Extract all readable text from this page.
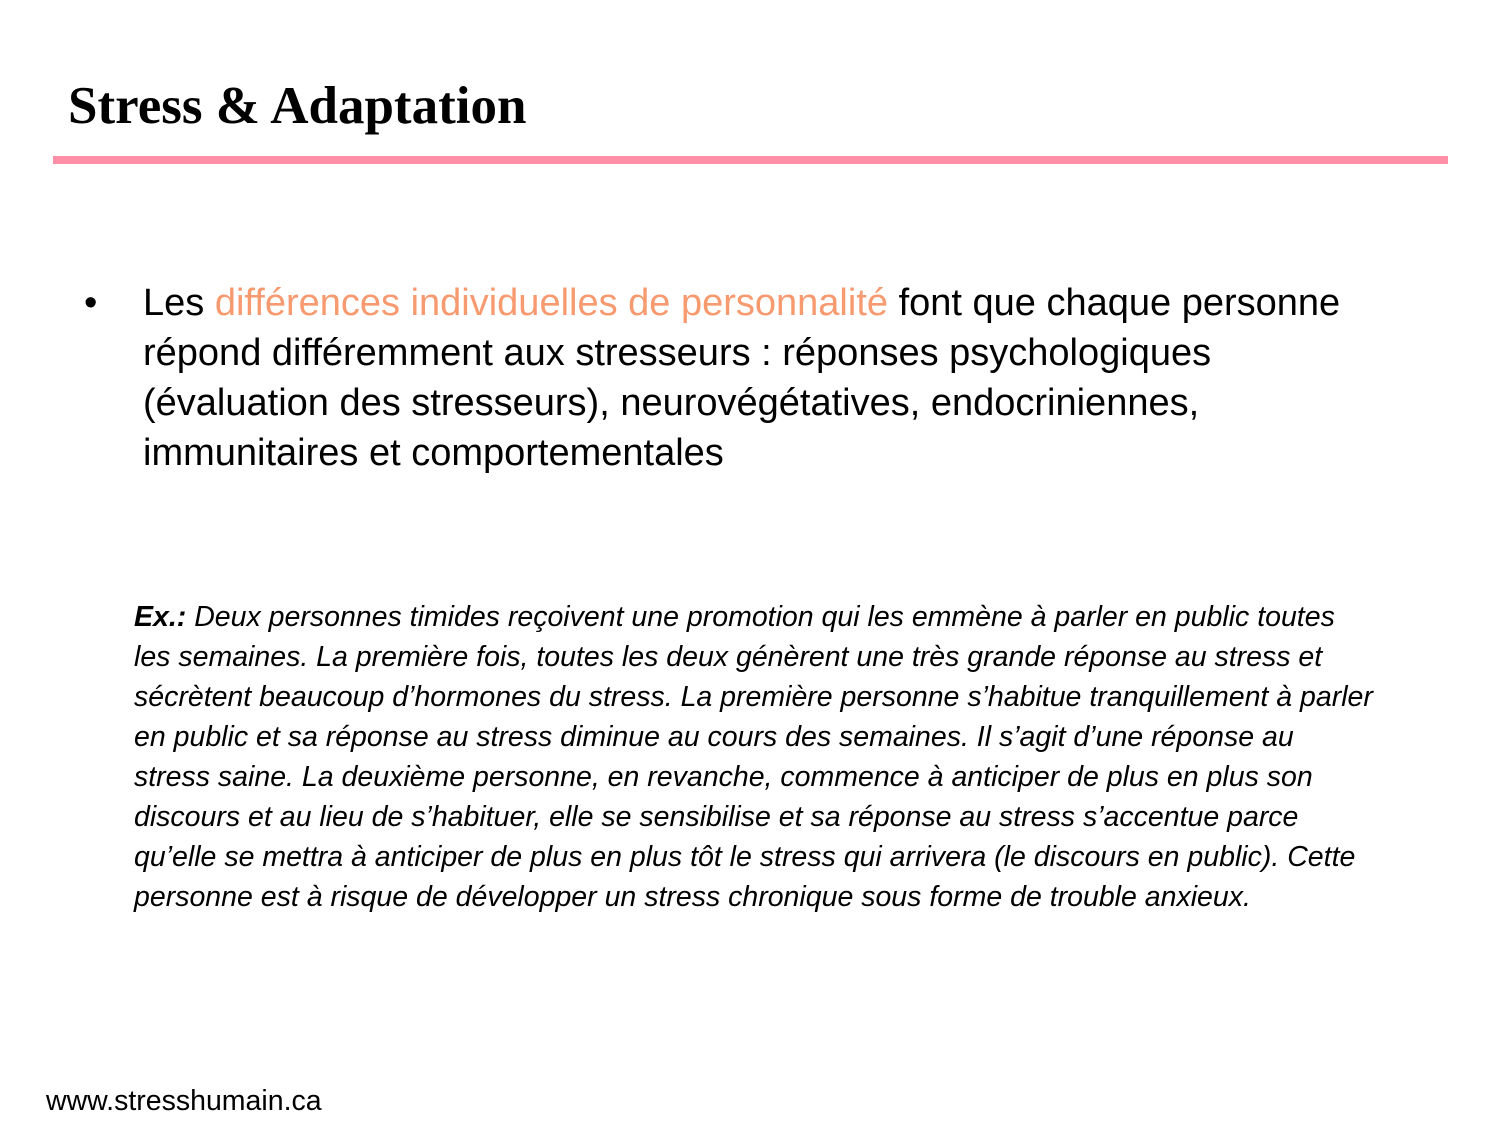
Stress & Adaptation
• Les différences individuelles de personnalité font que chaque personne répond différemment aux stresseurs : réponses psychologiques (évaluation des stresseurs), neurovégétatives, endocriniennes, immunitaires et comportementales
Ex.: Deux personnes timides reçoivent une promotion qui les emmène à parler en public toutes les semaines. La première fois, toutes les deux génèrent une très grande réponse au stress et sécrètent beaucoup d’hormones du stress. La première personne s’habitue tranquillement à parler en public et sa réponse au stress diminue au cours des semaines. Il s’agit d’une réponse au stress saine. La deuxième personne, en revanche, commence à anticiper de plus en plus son discours et au lieu de s’habituer, elle se sensibilise et sa réponse au stress s’accentue parce qu’elle se mettra à anticiper de plus en plus tôt le stress qui arrivera (le discours en public). Cette personne est à risque de développer un stress chronique sous forme de trouble anxieux.
www.stresshumain.ca
